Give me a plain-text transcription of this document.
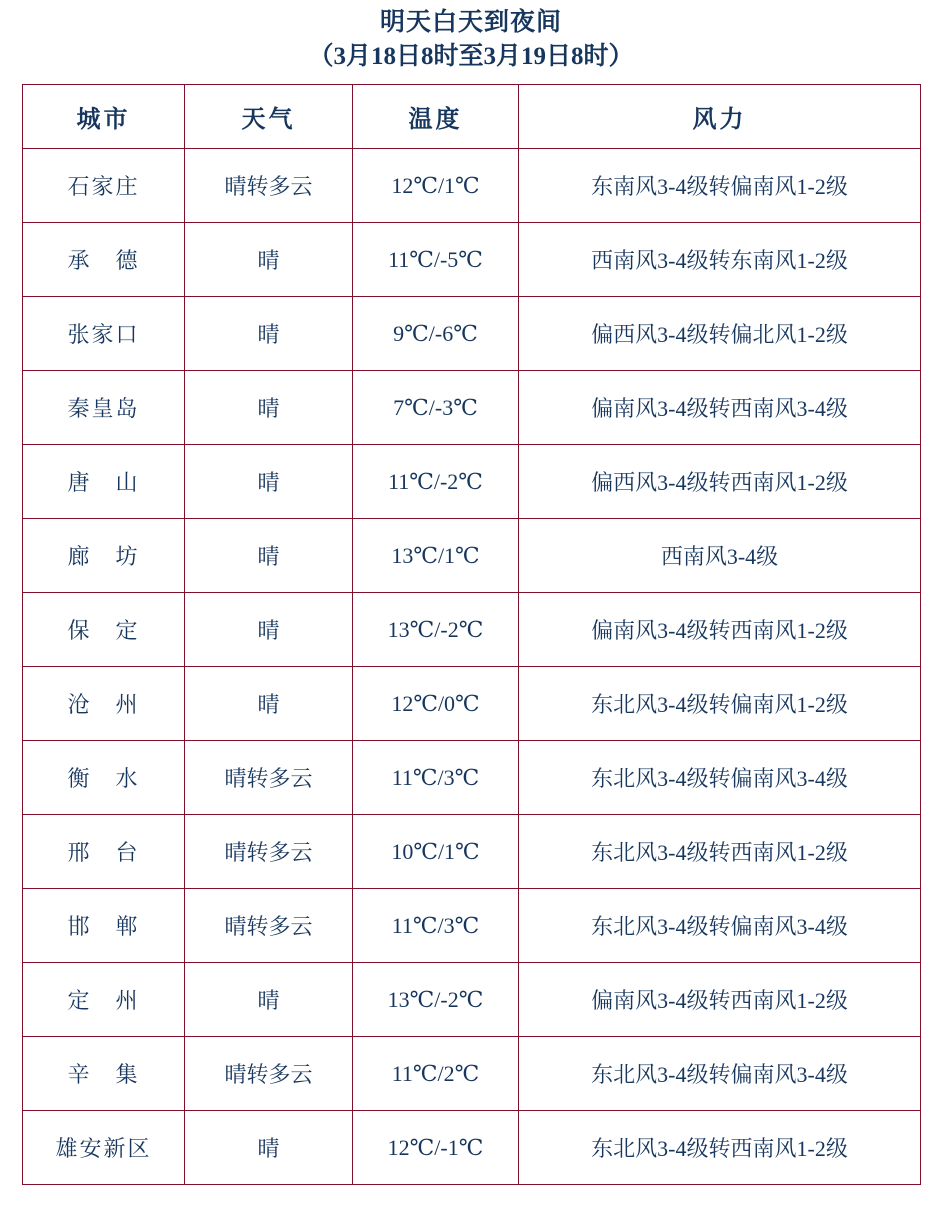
明天白天到夜间
（3月18日8时至3月19日8时）
城市	天气	温度	风力
石家庄	晴转多云	12℃/1℃	东南风3-4级转偏南风1-2级
承　德	晴	11℃/-5℃	西南风3-4级转东南风1-2级
张家口	晴	9℃/-6℃	偏西风3-4级转偏北风1-2级
秦皇岛	晴	7℃/-3℃	偏南风3-4级转西南风3-4级
唐　山	晴	11℃/-2℃	偏西风3-4级转西南风1-2级
廊　坊	晴	13℃/1℃	西南风3-4级
保　定	晴	13℃/-2℃	偏南风3-4级转西南风1-2级
沧　州	晴	12℃/0℃	东北风3-4级转偏南风1-2级
衡　水	晴转多云	11℃/3℃	东北风3-4级转偏南风3-4级
邢　台	晴转多云	10℃/1℃	东北风3-4级转西南风1-2级
邯　郸	晴转多云	11℃/3℃	东北风3-4级转偏南风3-4级
定　州	晴	13℃/-2℃	偏南风3-4级转西南风1-2级
辛　集	晴转多云	11℃/2℃	东北风3-4级转偏南风3-4级
雄安新区	晴	12℃/-1℃	东北风3-4级转西南风1-2级
